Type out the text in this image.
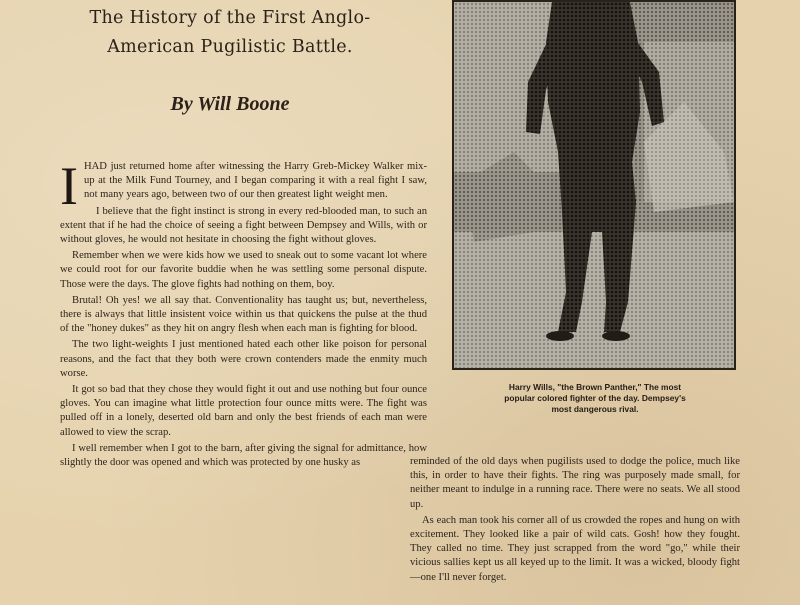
The History of the First Anglo-
American Pugilistic Battle.
By Will Boone

IHAD just returned home after witnessing the Harry Greb-Mickey Walker mix-up at the Milk Fund Tourney, and I began comparing it with a real fight I saw, not many years ago, between two of our then greatest light weight men.

I believe that the fight instinct is strong in every red-blooded man, to such an extent that if he had the choice of seeing a fight between Dempsey and Wills, with or without gloves, he would not hesitate in choosing the fight without gloves.

Remember when we were kids how we used to sneak out to some vacant lot where we could root for our favorite buddie when he was settling some personal dispute. Those were the days. The glove fights had nothing on them, boy.

Brutal! Oh yes! we all say that. Conventionality has taught us; but, nevertheless, there is always that little insistent voice within us that quickens the pulse at the thud of the "honey dukes" as they hit on angry flesh when each man is fighting for blood.

The two light-weights I just mentioned hated each other like poison for personal reasons, and the fact that they both were crown contenders made the enmity much worse.

It got so bad that they chose they would fight it out and use nothing but four ounce gloves. You can imagine what little protection four ounce mitts were. The fight was pulled off in a lonely, deserted old barn and only the best friends of each man were allowed to view the scrap.

I well remember when I got to the barn, after giving the signal for admittance, how slightly the door was opened and which was protected by one husky as

Harry Wills, "the Brown Panther," The most
popular colored fighter of the day. Dempsey's
most dangerous rival.

reminded of the old days when pugilists used to dodge the police, much like this, in order to have their fights. The ring was purposely made small, for neither meant to indulge in a running race. There were no seats. We all stood up.

As each man took his corner all of us crowded the ropes and hung on with excitement. They looked like a pair of wild cats. Gosh! how they fought. They called no time. They just scrapped from the word "go," while their vicious sallies kept us all keyed up to the limit. It was a wicked, bloody fight—one I'll never forget.
